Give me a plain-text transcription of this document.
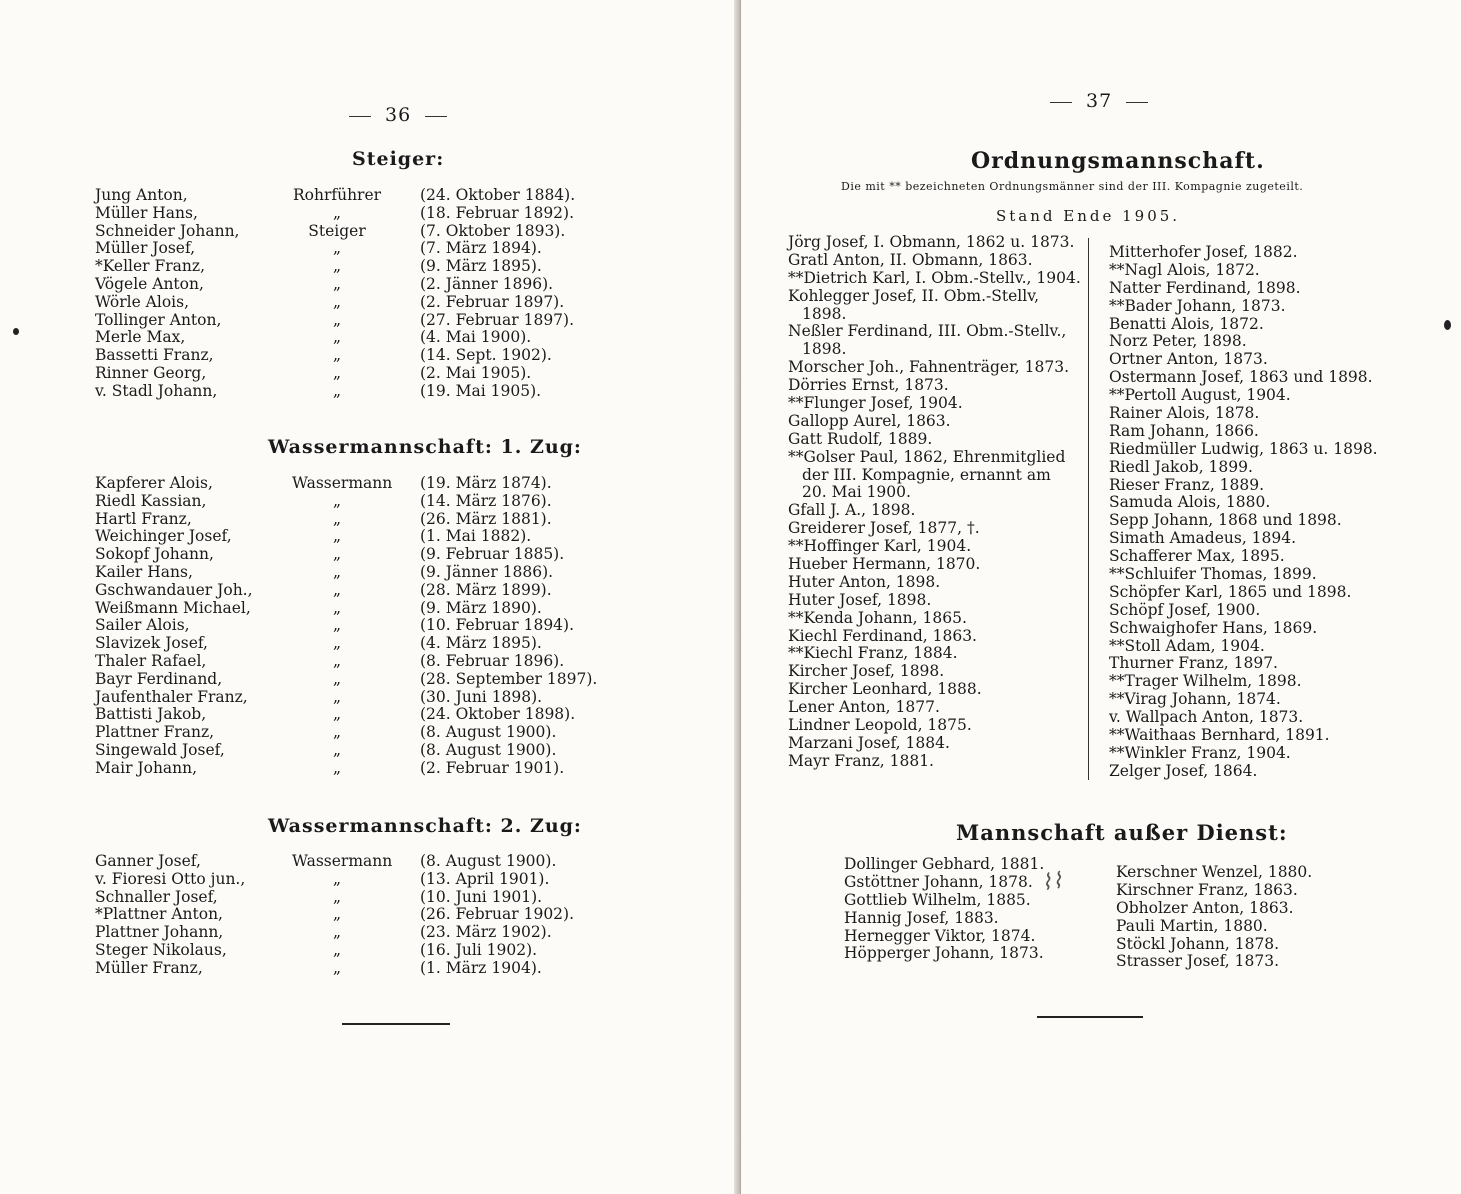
36
Steiger:
Jung Anton,	Rohrführer	(24. Oktober 1884).
Müller Hans,	„	(18. Februar 1892).
Schneider Johann,	Steiger	(7. Oktober 1893).
Müller Josef,	„	(7. März 1894).
*Keller Franz,	„	(9. März 1895).
Vögele Anton,	„	(2. Jänner 1896).
Wörle Alois,	„	(2. Februar 1897).
Tollinger Anton,	„	(27. Februar 1897).
Merle Max,	„	(4. Mai 1900).
Bassetti Franz,	„	(14. Sept. 1902).
Rinner Georg,	„	(2. Mai 1905).
v. Stadl Johann,	„	(19. Mai 1905).
Wassermannschaft: 1. Zug:
Kapferer Alois,	Wassermann (19. März 1874).
Riedl Kassian,	„	(14. März 1876).
Hartl Franz,	„	(26. März 1881).
Weichinger Josef,	„	(1. Mai 1882).
Sokopf Johann,	„	(9. Februar 1885).
Kailer Hans,	„	(9. Jänner 1886).
Gschwandauer Joh.,	„	(28. März 1899).
Weißmann Michael,	„	(9. März 1890).
Sailer Alois,	„	(10. Februar 1894).
Slavizek Josef,	„	(4. März 1895).
Thaler Rafael,	„	(8. Februar 1896).
Bayr Ferdinand,	„	(28. September 1897).
Jaufenthaler Franz,	„	(30. Juni 1898).
Battisti Jakob,	„	(24. Oktober 1898).
Plattner Franz,	„	(8. August 1900).
Singewald Josef,	„	(8. August 1900).
Mair Johann,	„	(2. Februar 1901).
Wassermannschaft: 2. Zug:
Ganner Josef,	Wassermann (8. August 1900).
v. Fioresi Otto jun.,	„	(13. April 1901).
Schnaller Josef,	„	(10. Juni 1901).
*Plattner Anton,	„	(26. Februar 1902).
Plattner Johann,	„	(23. März 1902).
Steger Nikolaus,	„	(16. Juli 1902).
Müller Franz,	„	(1. März 1904).
37
Ordnungsmannschaft.
Die mit ** bezeichneten Ordnungsmänner sind der III. Kompagnie zugeteilt.
Stand Ende 1905.
Jörg Josef, I. Obmann, 1862 u. 1873.
Gratl Anton, II. Obmann, 1863.
**Dietrich Karl, I. Obm.-Stellv., 1904.
Kohlegger Josef, II. Obm.-Stellv,
1898.
Neßler Ferdinand, III. Obm.-Stellv.,
1898.
Morscher Joh., Fahnenträger, 1873.
Dörries Ernst, 1873.
**Flunger Josef, 1904.
Gallopp Aurel, 1863.
Gatt Rudolf, 1889.
**Golser Paul, 1862, Ehrenmitglied
der III. Kompagnie, ernannt am
20. Mai 1900.
Gfall J. A., 1898.
Greiderer Josef, 1877, †.
**Hoffinger Karl, 1904.
Hueber Hermann, 1870.
Huter Anton, 1898.
Huter Josef, 1898.
**Kenda Johann, 1865.
Kiechl Ferdinand, 1863.
**Kiechl Franz, 1884.
Kircher Josef, 1898.
Kircher Leonhard, 1888.
Lener Anton, 1877.
Lindner Leopold, 1875.
Marzani Josef, 1884.
Mayr Franz, 1881.
Mitterhofer Josef, 1882.
**Nagl Alois, 1872.
Natter Ferdinand, 1898.
**Bader Johann, 1873.
Benatti Alois, 1872.
Norz Peter, 1898.
Ortner Anton, 1873.
Ostermann Josef, 1863 und 1898.
**Pertoll August, 1904.
Rainer Alois, 1878.
Ram Johann, 1866.
Riedmüller Ludwig, 1863 u. 1898.
Riedl Jakob, 1899.
Rieser Franz, 1889.
Samuda Alois, 1880.
Sepp Johann, 1868 und 1898.
Simath Amadeus, 1894.
Schafferer Max, 1895.
**Schluifer Thomas, 1899.
Schöpfer Karl, 1865 und 1898.
Schöpf Josef, 1900.
Schwaighofer Hans, 1869.
**Stoll Adam, 1904.
Thurner Franz, 1897.
**Trager Wilhelm, 1898.
**Virag Johann, 1874.
v. Wallpach Anton, 1873.
**Waithaas Bernhard, 1891.
**Winkler Franz, 1904.
Zelger Josef, 1864.
Mannschaft außer Dienst:
Dollinger Gebhard, 1881.
Gstöttner Johann, 1878.
Gottlieb Wilhelm, 1885.
Hannig Josef, 1883.
Hernegger Viktor, 1874.
Höpperger Johann, 1873.
⌇⌇	Kerschner Wenzel, 1880.
Kirschner Franz, 1863.
Obholzer Anton, 1863.
Pauli Martin, 1880.
Stöckl Johann, 1878.
Strasser Josef, 1873.
